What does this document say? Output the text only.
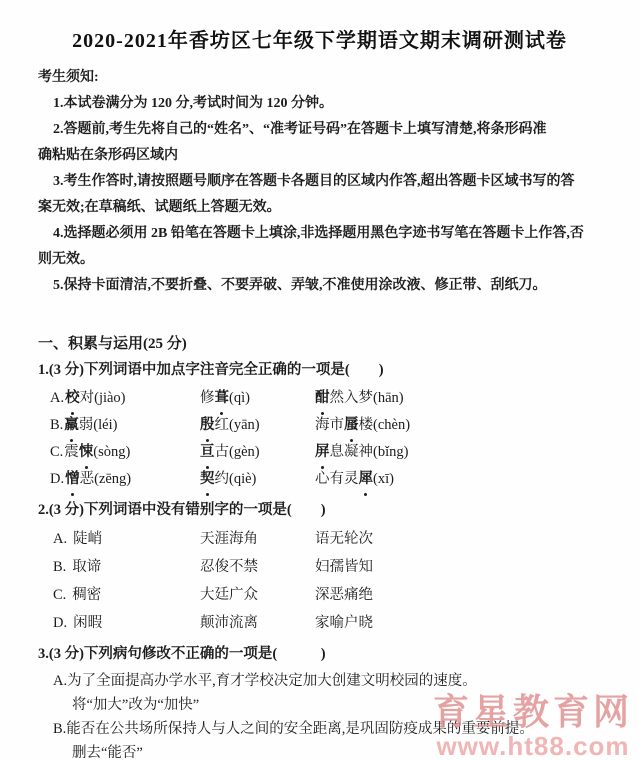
2020-2021年香坊区七年级下学期语文期末调研测试卷
考生须知:
1.本试卷满分为 120 分,考试时间为 120 分钟。
2.答题前,考生先将自己的“姓名”、“准考证号码”在答题卡上填写清楚,将条形码准
确粘贴在条形码区域内
3.考生作答时,请按照题号顺序在答题卡各题目的区域内作答,超出答题卡区域书写的答
案无效;在草稿纸、试题纸上答题无效。
4.选择题必须用 2B 铅笔在答题卡上填涂,非选择题用黑色字迹书写笔在答题卡上作答,否
则无效。
5.保持卡面清洁,不要折叠、不要弄破、弄皱,不准使用涂改液、修正带、刮纸刀。
一、积累与运用(25 分)
1.(3 分)下列词语中加点字注音完全正确的一项是(　　)
A.校对(jiào)	修葺(qì)	酣然入梦(hān)
B.羸弱(léi)	殷红(yān)	海市蜃楼(chèn)
C.震悚(sòng)	亘古(gèn)	屏息凝神(bǐng)
D.憎恶(zēng)	契约(qiè)	心有灵犀(xī)
2.(3 分)下列词语中没有错别字的一项是(　　)
A. 陡峭	天涯海角	语无轮次
B. 取谛	忍俊不禁	妇孺皆知
C. 稠密	大廷广众	深恶痛绝
D. 闲暇	颠沛流离	家喻户晓
3.(3 分)下列病句修改不正确的一项是(　　　)
A.为了全面提高办学水平,育才学校决定加大创建文明校园的速度。
将“加大”改为“加快”
B.能否在公共场所保持人与人之间的安全距离,是巩固防疫成果的重要前提。
删去“能否”
育星教育网
www.ht88.com
